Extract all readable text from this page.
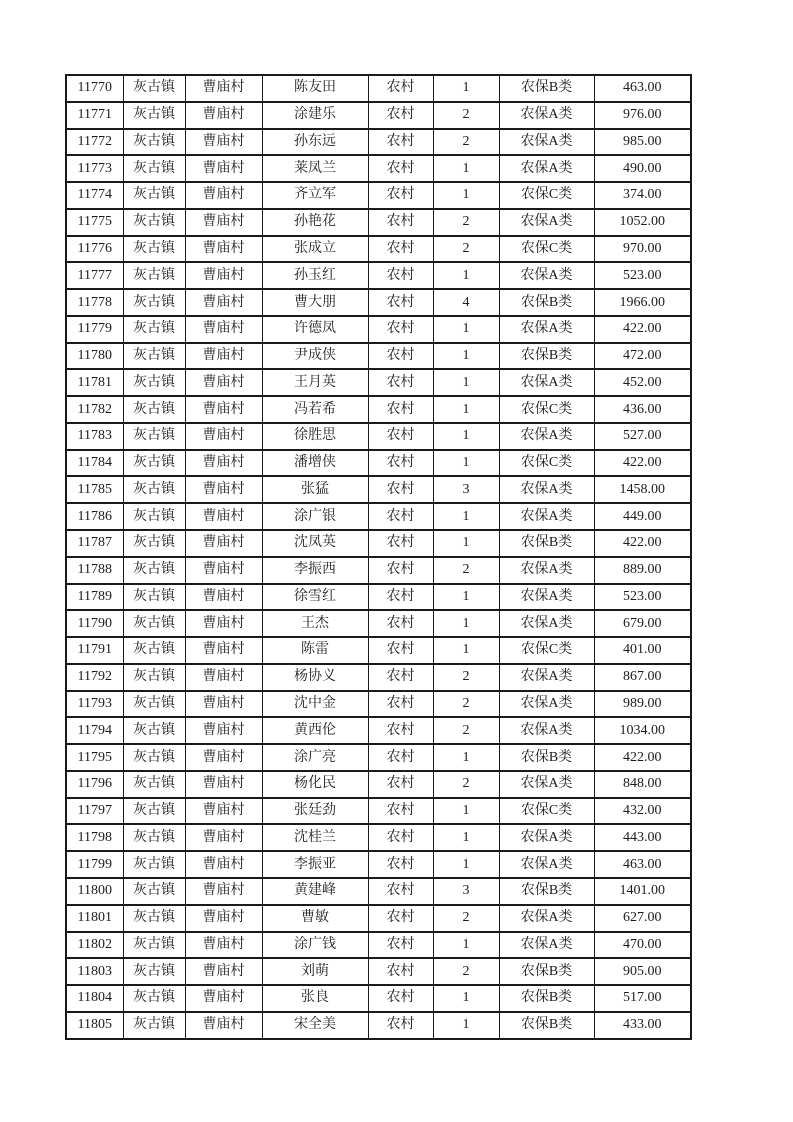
11770	灰古镇	曹庙村	陈友田	农村	1	农保B类	463.00
11771	灰古镇	曹庙村	涂建乐	农村	2	农保A类	976.00
11772	灰古镇	曹庙村	孙东远	农村	2	农保A类	985.00
11773	灰古镇	曹庙村	莱凤兰	农村	1	农保A类	490.00
11774	灰古镇	曹庙村	齐立军	农村	1	农保C类	374.00
11775	灰古镇	曹庙村	孙艳花	农村	2	农保A类	1052.00
11776	灰古镇	曹庙村	张成立	农村	2	农保C类	970.00
11777	灰古镇	曹庙村	孙玉红	农村	1	农保A类	523.00
11778	灰古镇	曹庙村	曹大朋	农村	4	农保B类	1966.00
11779	灰古镇	曹庙村	许德凤	农村	1	农保A类	422.00
11780	灰古镇	曹庙村	尹成侠	农村	1	农保B类	472.00
11781	灰古镇	曹庙村	王月英	农村	1	农保A类	452.00
11782	灰古镇	曹庙村	冯若希	农村	1	农保C类	436.00
11783	灰古镇	曹庙村	徐胜思	农村	1	农保A类	527.00
11784	灰古镇	曹庙村	潘增侠	农村	1	农保C类	422.00
11785	灰古镇	曹庙村	张猛	农村	3	农保A类	1458.00
11786	灰古镇	曹庙村	涂广银	农村	1	农保A类	449.00
11787	灰古镇	曹庙村	沈凤英	农村	1	农保B类	422.00
11788	灰古镇	曹庙村	李振西	农村	2	农保A类	889.00
11789	灰古镇	曹庙村	徐雪红	农村	1	农保A类	523.00
11790	灰古镇	曹庙村	王杰	农村	1	农保A类	679.00
11791	灰古镇	曹庙村	陈雷	农村	1	农保C类	401.00
11792	灰古镇	曹庙村	杨协义	农村	2	农保A类	867.00
11793	灰古镇	曹庙村	沈中金	农村	2	农保A类	989.00
11794	灰古镇	曹庙村	黄西伦	农村	2	农保A类	1034.00
11795	灰古镇	曹庙村	涂广亮	农村	1	农保B类	422.00
11796	灰古镇	曹庙村	杨化民	农村	2	农保A类	848.00
11797	灰古镇	曹庙村	张廷劲	农村	1	农保C类	432.00
11798	灰古镇	曹庙村	沈桂兰	农村	1	农保A类	443.00
11799	灰古镇	曹庙村	李振亚	农村	1	农保A类	463.00
11800	灰古镇	曹庙村	黄建峰	农村	3	农保B类	1401.00
11801	灰古镇	曹庙村	曹敏	农村	2	农保A类	627.00
11802	灰古镇	曹庙村	涂广钱	农村	1	农保A类	470.00
11803	灰古镇	曹庙村	刘萌	农村	2	农保B类	905.00
11804	灰古镇	曹庙村	张良	农村	1	农保B类	517.00
11805	灰古镇	曹庙村	宋全美	农村	1	农保B类	433.00
